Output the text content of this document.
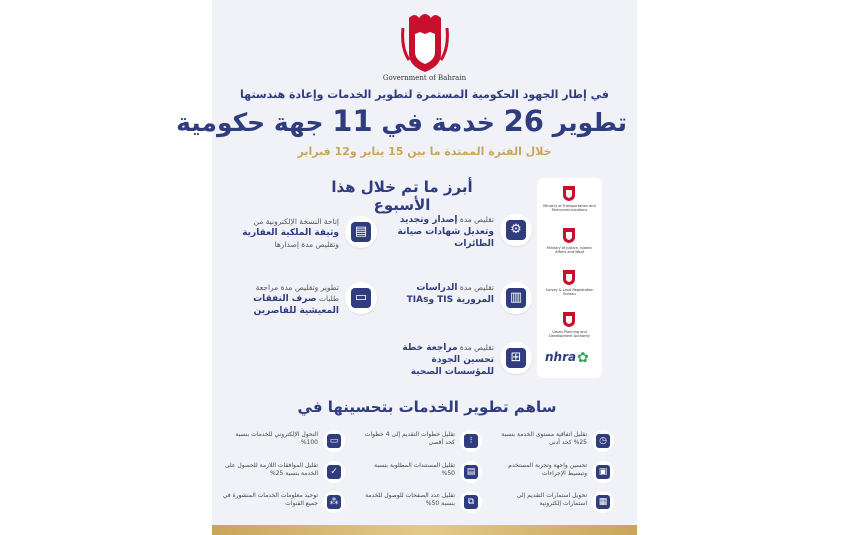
Government of Bahrain
في إطار الجهود الحكومية المستمرة لتطوير الخدمات وإعادة هندستها
تطوير 26 خدمة في 11 جهة حكومية
خلال الفترة الممتدة ما بين 15 يناير و12 فبراير
أبرز ما تم خلال هذا الأسبوع	Ministry of Transportation and Telecommunications
Ministry of Justice, Islamic Affairs and Waqf
Survey & Land Registration Bureau
Urban Planning and Development Authority
nhra ✿
⚙
تقليص مدة إصدار وتجديد وتعديل شهادات صيانة الطائرات
▤
إتاحة النسخة الإلكترونية من وثيقة الملكية العقارية وتقليص مدة إصدارها
▥
تقليص مدة الدراسات المرورية TIS وTIAs
▭
تطوير وتقليص مدة مراجعة طلبات صرف النفقات المعيشية للقاصرين
⊞
تقليص مدة مراجعة خطة تحسين الجودة للمؤسسات الصحية
ساهم تطوير الخدمات بتحسينها في
◷
تقليل اتفاقية مستوى الخدمة بنسبة 25% كحد أدنى
⁝
تقليل خطوات التقديم إلى 4 خطوات كحد أقصى
▭
التحول الإلكتروني للخدمات بنسبة 100%
▣
تحسين واجهة وتجربة المستخدم وتبسيط الإجراءات
▤
تقليل المستندات المطلوبة بنسبة 50%
✓
تقليل الموافقات اللازمة للحصول على الخدمة بنسبة 25%
▦
تحويل استمارات التقديم إلى استمارات إلكترونية
⧉
تقليل عدد الصفحات للوصول للخدمة بنسبة 50%
⁂
توحيد معلومات الخدمات المنشورة في جميع القنوات
